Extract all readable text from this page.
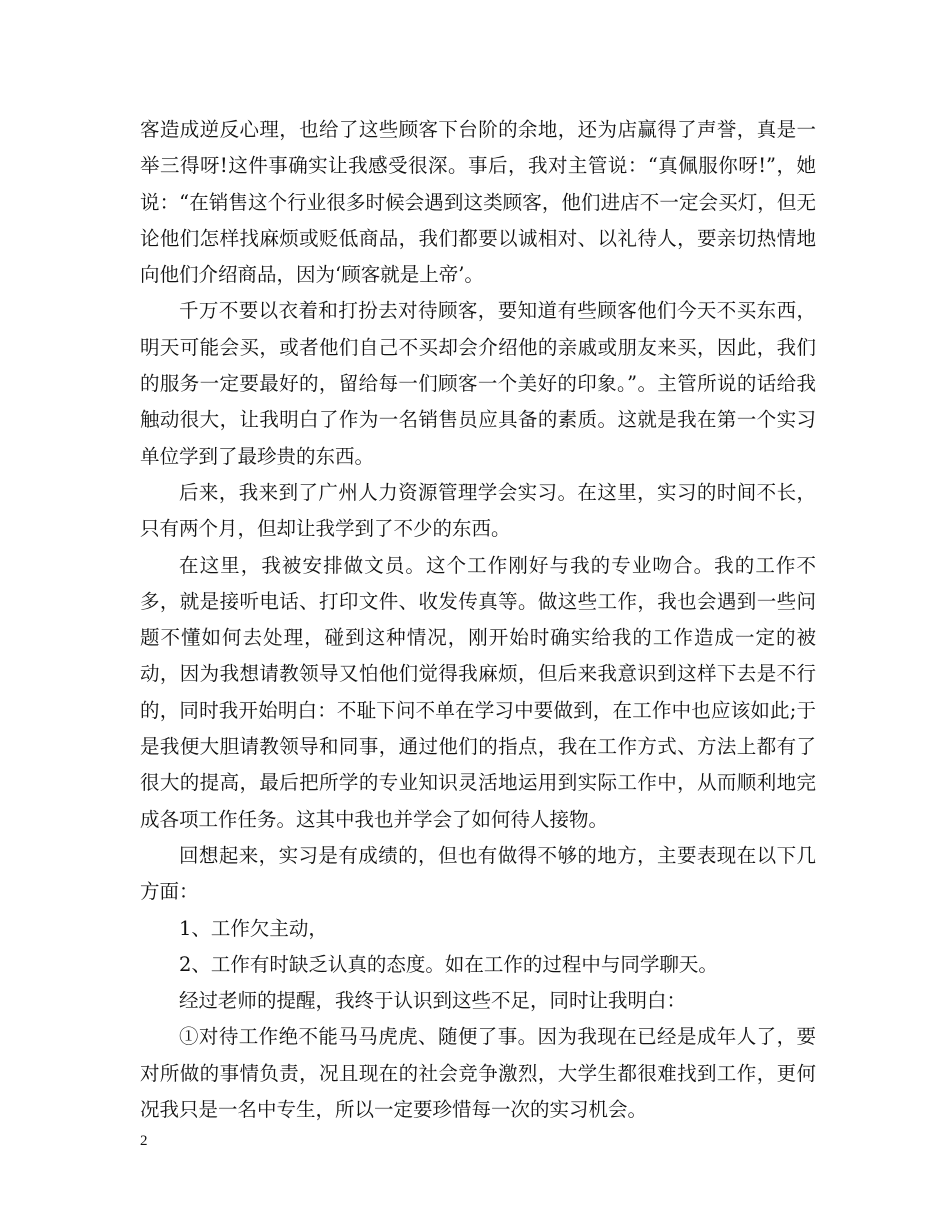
客造成逆反心理，也给了这些顾客下台阶的余地，还为店赢得了声誉，真是一举三得呀!这件事确实让我感受很深。事后，我对主管说：“真佩服你呀!”，她说：“在销售这个行业很多时候会遇到这类顾客，他们进店不一定会买灯，但无论他们怎样找麻烦或贬低商品，我们都要以诚相对、以礼待人，要亲切热情地向他们介绍商品，因为‘顾客就是上帝’。

千万不要以衣着和打扮去对待顾客，要知道有些顾客他们今天不买东西，明天可能会买，或者他们自己不买却会介绍他的亲戚或朋友来买，因此，我们的服务一定要最好的，留给每一们顾客一个美好的印象。”。主管所说的话给我触动很大，让我明白了作为一名销售员应具备的素质。这就是我在第一个实习单位学到了最珍贵的东西。

后来，我来到了广州人力资源管理学会实习。在这里，实习的时间不长，只有两个月，但却让我学到了不少的东西。

在这里，我被安排做文员。这个工作刚好与我的专业吻合。我的工作不多，就是接听电话、打印文件、收发传真等。做这些工作，我也会遇到一些问题不懂如何去处理，碰到这种情况，刚开始时确实给我的工作造成一定的被动，因为我想请教领导又怕他们觉得我麻烦，但后来我意识到这样下去是不行的，同时我开始明白：不耻下问不单在学习中要做到，在工作中也应该如此;于是我便大胆请教领导和同事，通过他们的指点，我在工作方式、方法上都有了很大的提高，最后把所学的专业知识灵活地运用到实际工作中，从而顺利地完成各项工作任务。这其中我也并学会了如何待人接物。

回想起来，实习是有成绩的，但也有做得不够的地方，主要表现在以下几方面：

1、工作欠主动，

2、工作有时缺乏认真的态度。如在工作的过程中与同学聊天。

经过老师的提醒，我终于认识到这些不足，同时让我明白：

①对待工作绝不能马马虎虎、随便了事。因为我现在已经是成年人了，要对所做的事情负责，况且现在的社会竞争激烈，大学生都很难找到工作，更何况我只是一名中专生，所以一定要珍惜每一次的实习机会。

2
